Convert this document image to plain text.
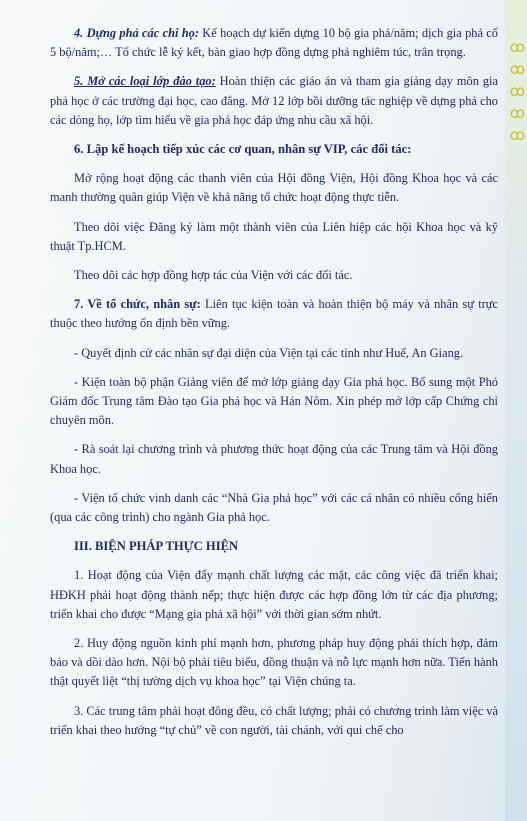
4. Dựng phả các chi họ: Kế hoạch dự kiến dựng 10 bộ gia phả/năm; dịch gia phả cổ 5 bộ/năm;… Tổ chức lễ ký kết, bàn giao hợp đồng dựng phả nghiêm túc, trân trọng.

5. Mở các loại lớp đào tạo: Hoàn thiện các giáo án và tham gia giảng dạy môn gia phả học ở các trường đại học, cao đẳng. Mở 12 lớp bồi dưỡng tác nghiệp về dựng phả cho các dòng họ, lớp tìm hiểu về gia phả học đáp ứng nhu cầu xã hội.

6. Lập kế hoạch tiếp xúc các cơ quan, nhân sự VIP, các đối tác:

Mở rộng hoạt động các thanh viên của Hội đồng Viện, Hội đồng Khoa học và các manh thường quân giúp Viện về khả năng tổ chức hoạt động thực tiễn.

Theo dõi việc Đăng ký làm một thành viên của Liên hiệp các hội Khoa học và kỹ thuật Tp.HCM.

Theo dõi các hợp đồng hợp tác của Viện với các đối tác.

7. Về tổ chức, nhân sự: Liên tục kiện toàn và hoàn thiện bộ máy và nhân sự trực thuộc theo hướng ổn định bền vững.

- Quyết định cử các nhân sự đại diện của Viện tại các tỉnh như Huế, An Giang.

- Kiện toàn bộ phận Giảng viên để mở lớp giảng dạy Gia phả học. Bổ sung một Phó Giám đốc Trung tâm Đào tạo Gia phả học và Hán Nôm. Xin phép mở lớp cấp Chứng chỉ chuyên môn.

- Rà soát lại chương trình và phương thức hoạt động của các Trung tâm và Hội đồng Khoa học.

- Viện tổ chức vinh danh các “Nhà Gia phả học” với các cá nhân có nhiều cống hiến (qua các công trình) cho ngành Gia phả học.

III. BIỆN PHÁP THỰC HIỆN

1. Hoạt động của Viện đẩy mạnh chất lượng các mặt, các công việc đã triển khai; HĐKH phải hoạt động thành nếp; thực hiện được các hợp đồng lớn từ các địa phương; triển khai cho được “Mạng gia phả xã hội” với thời gian sớm nhứt.

2. Huy động nguồn kinh phí mạnh hơn, phương pháp huy động phải thích hợp, đảm bảo và dồi dào hơn. Nội bộ phải tiêu biểu, đồng thuận và nỗ lực mạnh hơn nữa. Tiến hành thật quyết liệt “thị tường dịch vụ khoa học” tại Viện chúng ta.

3. Các trung tâm phải hoạt đông đều, có chất lượng; phải có chương trình làm việc và triển khai theo hướng “tự chủ” về con người, tài chánh, với qui chế cho

ꝏ
ꝏ
ꝏ
ꝏ
ꝏ
